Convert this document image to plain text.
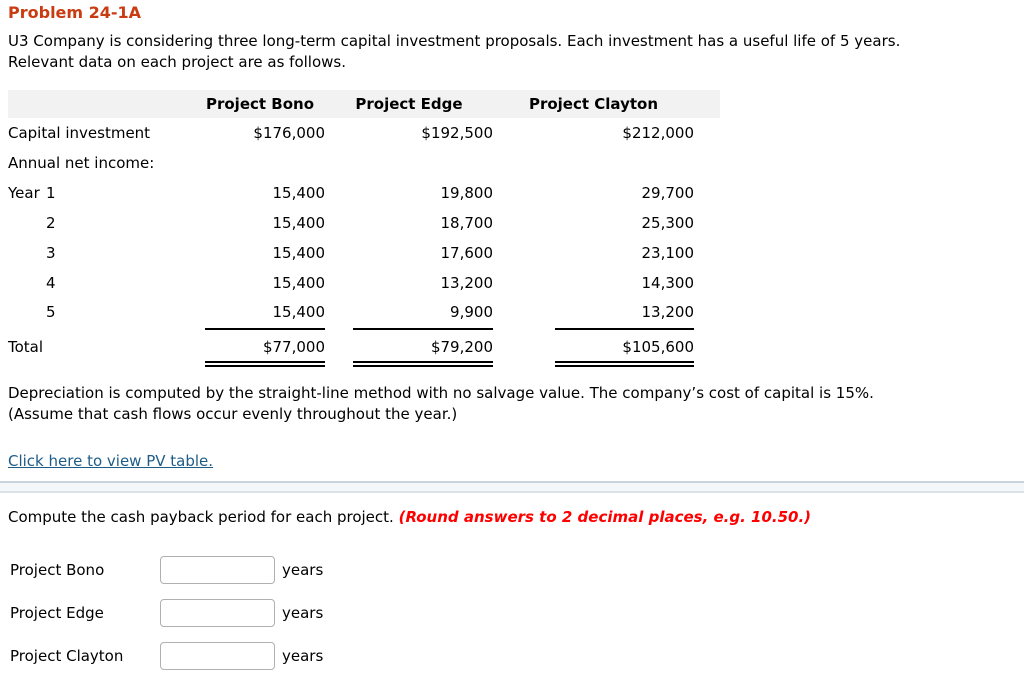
Problem 24-1A
U3 Company is considering three long-term capital investment proposals. Each investment has a useful life of 5 years.
Relevant data on each project are as follows.
	Project Bono	Project Edge	Project Clayton	
Capital investment	$176,000	$192,500	$212,000	
Annual net income:				
Year 1	15,400	19,800	29,700	
2	15,400	18,700	25,300	
3	15,400	17,600	23,100	
4	15,400	13,200	14,300	
5	15,400	9,900	13,200	

Total	$77,000	$79,200	$105,600	

Depreciation is computed by the straight-line method with no salvage value. The company’s cost of capital is 15%.
(Assume that cash flows occur evenly throughout the year.)
Click here to view PV table.
Compute the cash payback period for each project. (Round answers to 2 decimal places, e.g. 10.50.)
Project Bono	years
Project Edge	years
Project Clayton	years
